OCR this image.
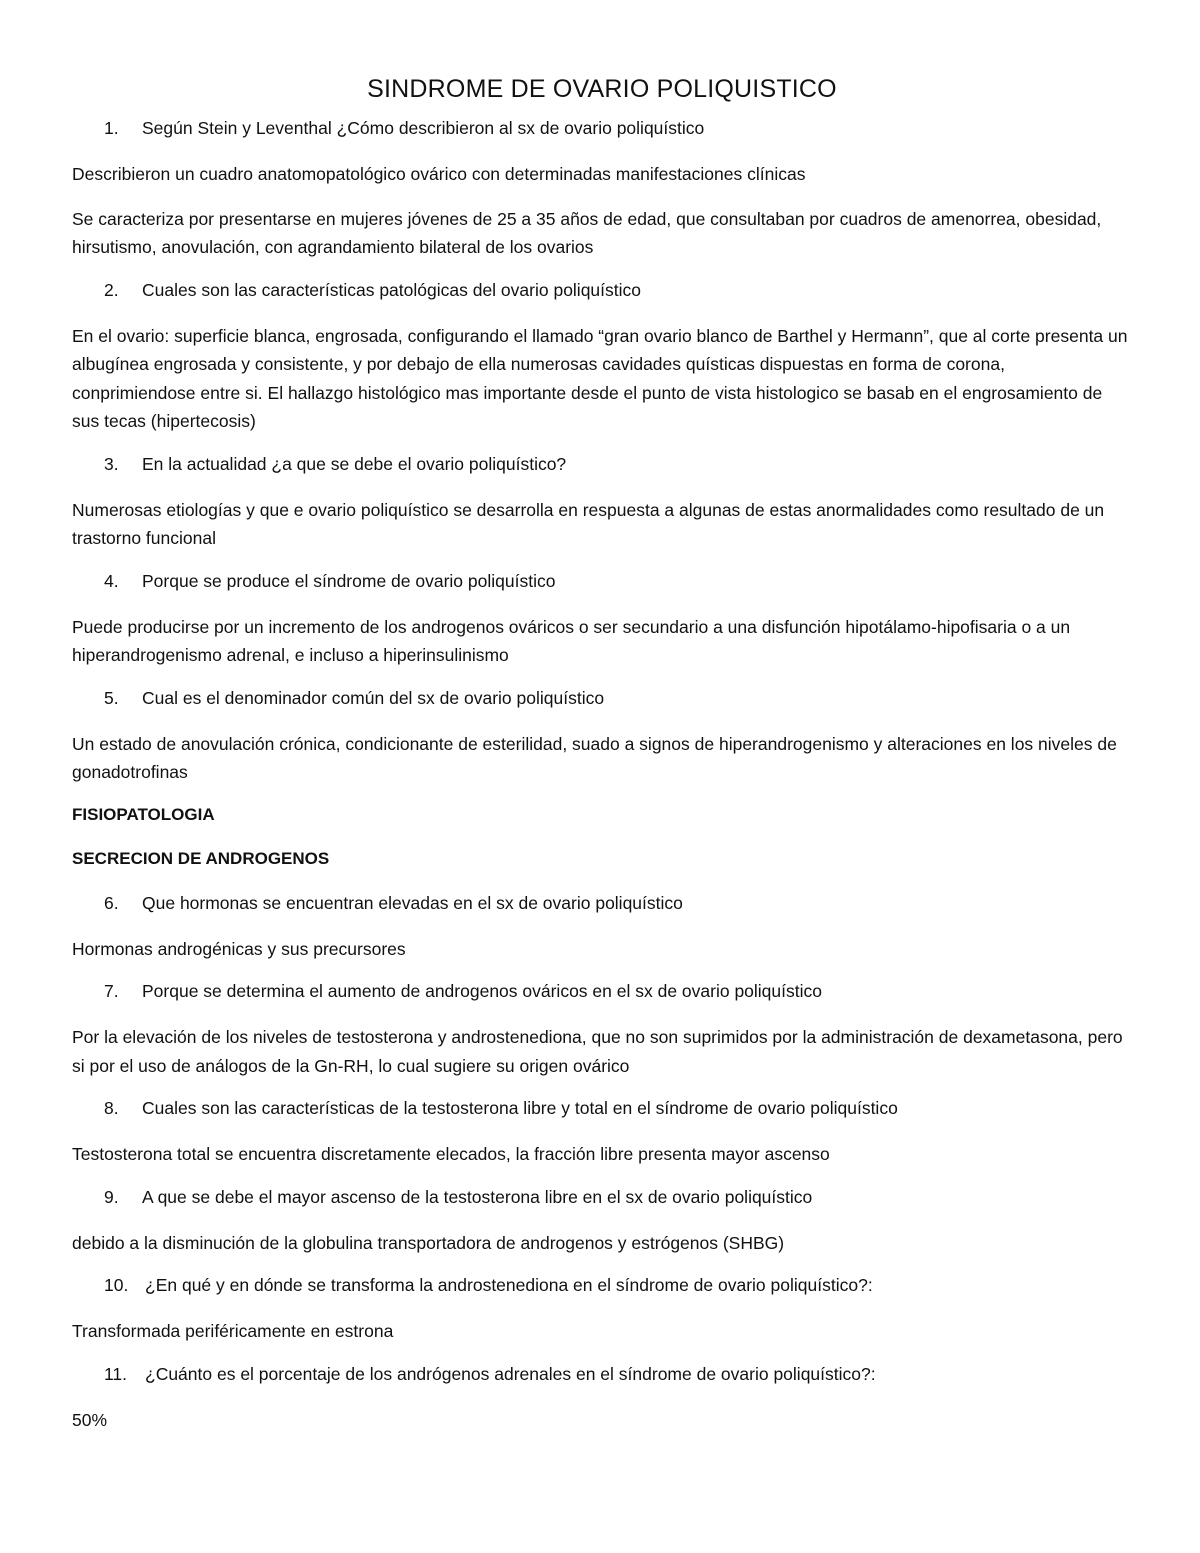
SINDROME DE OVARIO POLIQUISTICO
1. Según Stein y Leventhal ¿Cómo describieron al sx de ovario poliquístico
Describieron un cuadro anatomopatológico ovárico con determinadas manifestaciones clínicas
Se caracteriza por presentarse en mujeres jóvenes de 25 a 35 años de edad, que consultaban por cuadros de amenorrea, obesidad, hirsutismo, anovulación, con agrandamiento bilateral de los ovarios
2. Cuales son las características patológicas del ovario poliquístico
En el ovario: superficie blanca, engrosada, configurando el llamado “gran ovario blanco de Barthel y Hermann”, que al corte presenta un albugínea engrosada y consistente, y por debajo de ella numerosas cavidades quísticas dispuestas en forma de corona, conprimiendose entre si. El hallazgo histológico mas importante desde el punto de vista histologico se basab en el engrosamiento de sus tecas (hipertecosis)
3. En la actualidad ¿a que se debe el ovario poliquístico?
Numerosas etiologías y que e ovario poliquístico se desarrolla en respuesta a algunas de estas anormalidades como resultado de un trastorno funcional
4. Porque se produce el síndrome de ovario poliquístico
Puede producirse por un incremento de los androgenos ováricos o ser secundario a una disfunción hipotálamo-hipofisaria o a un hiperandrogenismo adrenal, e incluso a hiperinsulinismo
5. Cual es el denominador común del sx de ovario poliquístico
Un estado de anovulación crónica, condicionante de esterilidad, suado a signos de hiperandrogenismo y alteraciones en los niveles de gonadotrofinas
FISIOPATOLOGIA
SECRECION DE ANDROGENOS
6. Que hormonas se encuentran elevadas en el sx de ovario poliquístico
Hormonas androgénicas y sus precursores
7. Porque se determina el aumento de androgenos ováricos en el sx de ovario poliquístico
Por la elevación de los niveles de testosterona y androstenediona, que no son suprimidos por la administración de dexametasona, pero si por el uso de análogos de la Gn-RH, lo cual sugiere su origen ovárico
8. Cuales son las características de la testosterona libre y total en el síndrome de ovario poliquístico
Testosterona total se encuentra discretamente elecados, la fracción libre presenta mayor ascenso
9. A que se debe el mayor ascenso de la testosterona libre en el sx de ovario poliquístico
debido a la disminución de la globulina transportadora de androgenos y estrógenos (SHBG)
10. ¿En qué y en dónde se transforma la androstenediona en el síndrome de ovario poliquístico?:
Transformada periféricamente en estrona
11. ¿Cuánto es el porcentaje de los andrógenos adrenales en el síndrome de ovario poliquístico?:
50%
